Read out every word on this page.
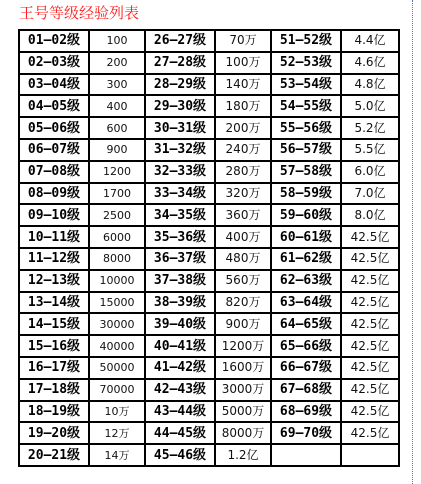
王号等级经验列表
01—02级	100	26—27级	70万	51—52级	4.4亿
02—03级	200	27—28级	100万	52—53级	4.6亿
03—04级	300	28—29级	140万	53—54级	4.8亿
04—05级	400	29—30级	180万	54—55级	5.0亿
05—06级	600	30—31级	200万	55—56级	5.2亿
06—07级	900	31—32级	240万	56—57级	5.5亿
07—08级	1200	32—33级	280万	57—58级	6.0亿
08—09级	1700	33—34级	320万	58—59级	7.0亿
09—10级	2500	34—35级	360万	59—60级	8.0亿
10—11级	6000	35—36级	400万	60—61级	42.5亿
11—12级	8000	36—37级	480万	61—62级	42.5亿
12—13级	10000	37—38级	560万	62—63级	42.5亿
13—14级	15000	38—39级	820万	63—64级	42.5亿
14—15级	30000	39—40级	900万	64—65级	42.5亿
15—16级	40000	40—41级	1200万	65—66级	42.5亿
16—17级	50000	41—42级	1600万	66—67级	42.5亿
17—18级	70000	42—43级	3000万	67—68级	42.5亿
18—19级	10万	43—44级	5000万	68—69级	42.5亿
19—20级	12万	44—45级	8000万	69—70级	42.5亿
20—21级	14万	45—46级	1.2亿		
